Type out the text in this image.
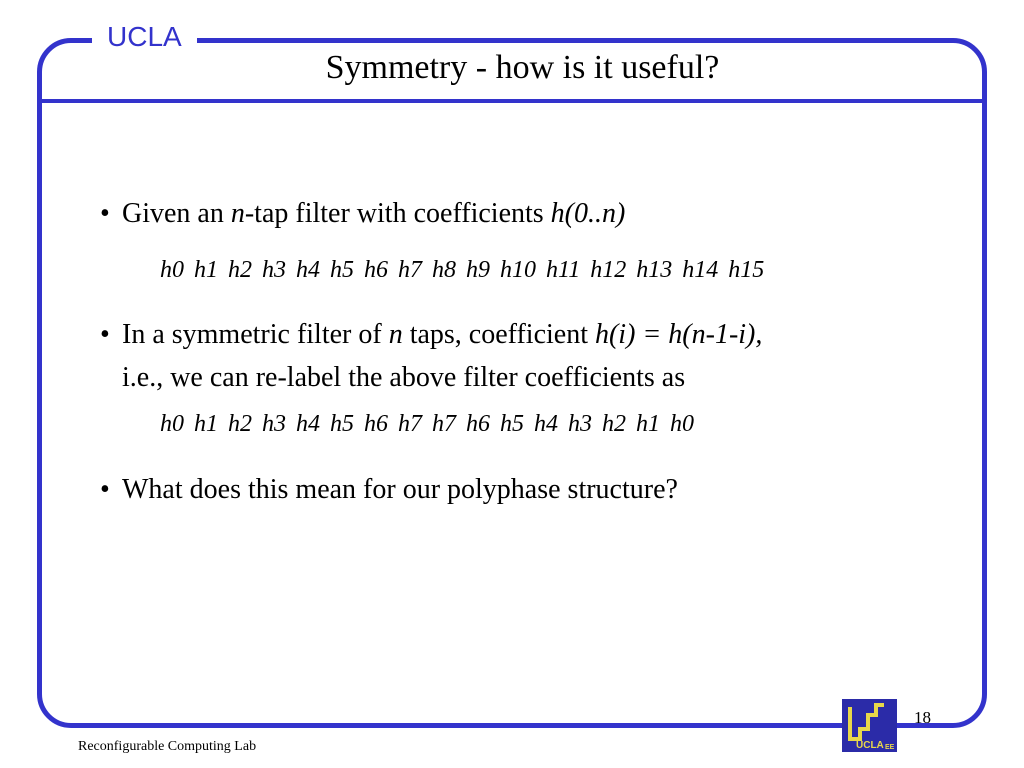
UCLA
Symmetry - how is it useful?
• Given an n-tap filter with coefficients h(0..n)
h0 h1 h2 h3 h4 h5 h6 h7 h8 h9 h10 h11 h12 h13 h14 h15
• In a symmetric filter of n taps, coefficient h(i) = h(n-1-i),
i.e., we can re-label the above filter coefficients as
h0 h1 h2 h3 h4 h5 h6 h7 h7 h6 h5 h4 h3 h2 h1 h0
• What does this mean for our polyphase structure?
Reconfigurable Computing Lab
18
UCLA EE
